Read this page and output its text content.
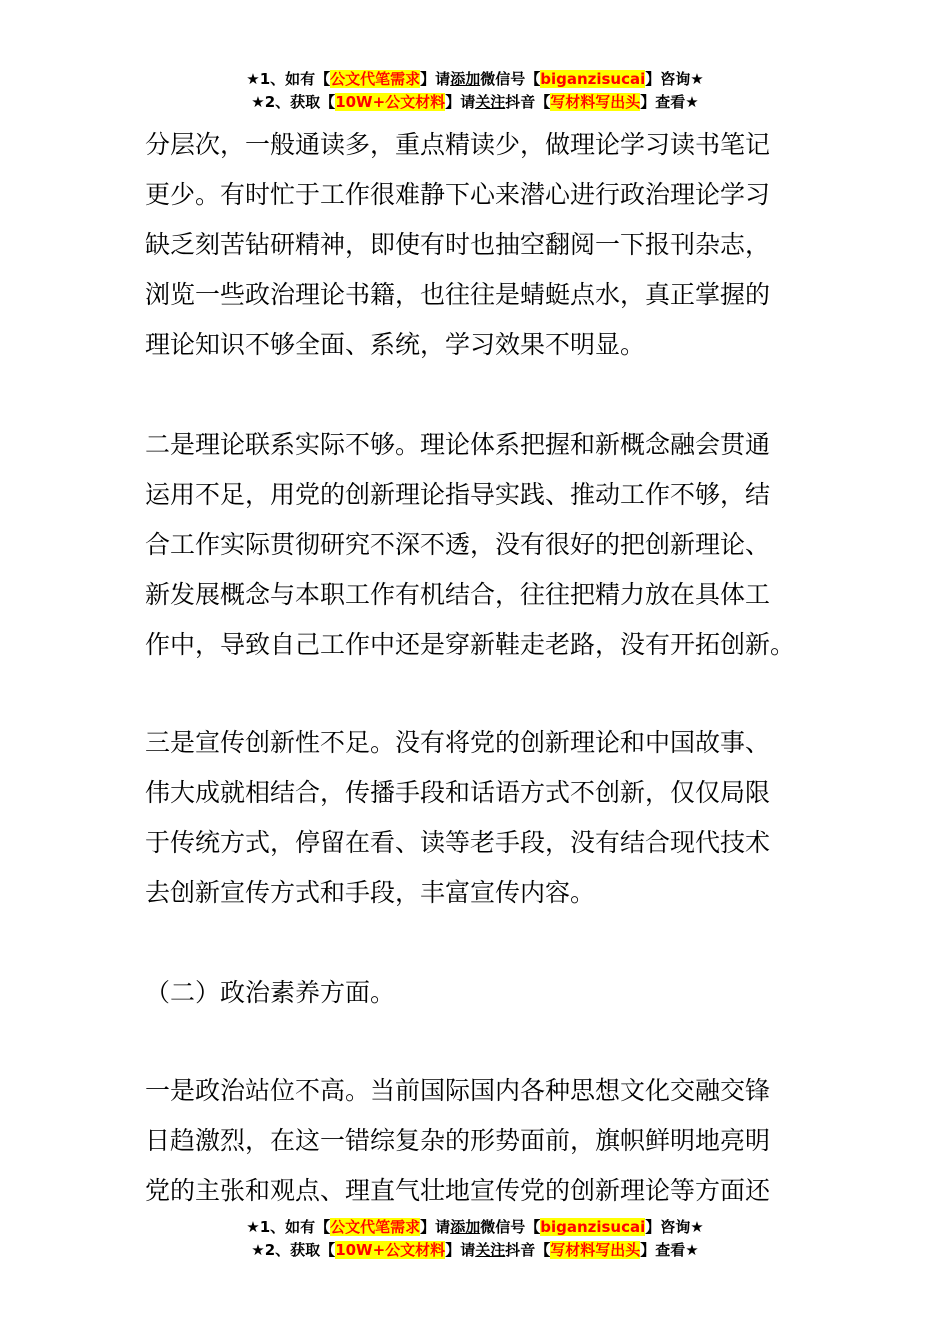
★1、如有【公文代笔需求】请添加微信号【biganzisucai】咨询★
★2、获取【10W+公文材料】请关注抖音【写材料写出头】查看★
分层次，一般通读多，重点精读少，做理论学习读书笔记
更少。有时忙于工作很难静下心来潜心进行政治理论学习
缺乏刻苦钻研精神，即使有时也抽空翻阅一下报刊杂志，
浏览一些政治理论书籍，也往往是蜻蜓点水，真正掌握的
理论知识不够全面、系统，学习效果不明显。
二是理论联系实际不够。理论体系把握和新概念融会贯通
运用不足，用党的创新理论指导实践、推动工作不够，结
合工作实际贯彻研究不深不透，没有很好的把创新理论、
新发展概念与本职工作有机结合，往往把精力放在具体工
作中，导致自己工作中还是穿新鞋走老路，没有开拓创新。
三是宣传创新性不足。没有将党的创新理论和中国故事、
伟大成就相结合，传播手段和话语方式不创新，仅仅局限
于传统方式，停留在看、读等老手段，没有结合现代技术
去创新宣传方式和手段，丰富宣传内容。
（二）政治素养方面。
一是政治站位不高。当前国际国内各种思想文化交融交锋
日趋激烈，在这一错综复杂的形势面前，旗帜鲜明地亮明
党的主张和观点、理直气壮地宣传党的创新理论等方面还
★1、如有【公文代笔需求】请添加微信号【biganzisucai】咨询★
★2、获取【10W+公文材料】请关注抖音【写材料写出头】查看★
